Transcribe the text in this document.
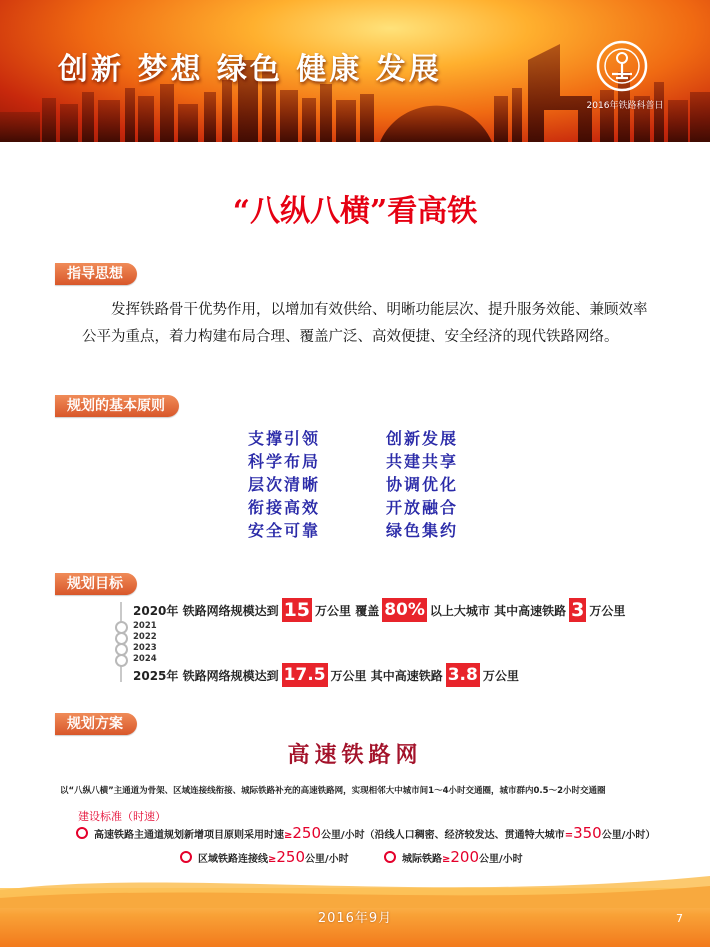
创新 梦想 绿色 健康 发展
2016年铁路科普日
“八纵八横”看高铁
指导思想
发挥铁路骨干优势作用，以增加有效供给、明晰功能层次、提升服务效能、兼顾效率公平为重点，着力构建布局合理、覆盖广泛、高效便捷、安全经济的现代铁路网络。
规划的基本原则
支撑引领
科学布局
层次清晰
衔接高效
安全可靠
创新发展
共建共享
协调优化
开放融合
绿色集约
规划目标
2021
2022
2023
2024
2020年 铁路网络规模达到 15 万公里 覆盖 80% 以上大城市 其中高速铁路 3 万公里
2025年 铁路网络规模达到 17.5 万公里 其中高速铁路 3.8 万公里
规划方案
高速铁路网
以“八纵八横”主通道为骨架、区域连接线衔接、城际铁路补充的高速铁路网，实现相邻大中城市间1～4小时交通圈，城市群内0.5～2小时交通圈
建设标准（时速）
高速铁路主通道规划新增项目原则采用时速 ≥ 250 公里/小时（沿线人口稠密、经济较发达、贯通特大城市 = 350 公里/小时）
区域铁路连接线 ≥ 250 公里/小时	城际铁路 ≥ 200 公里/小时
2016年9月	7
